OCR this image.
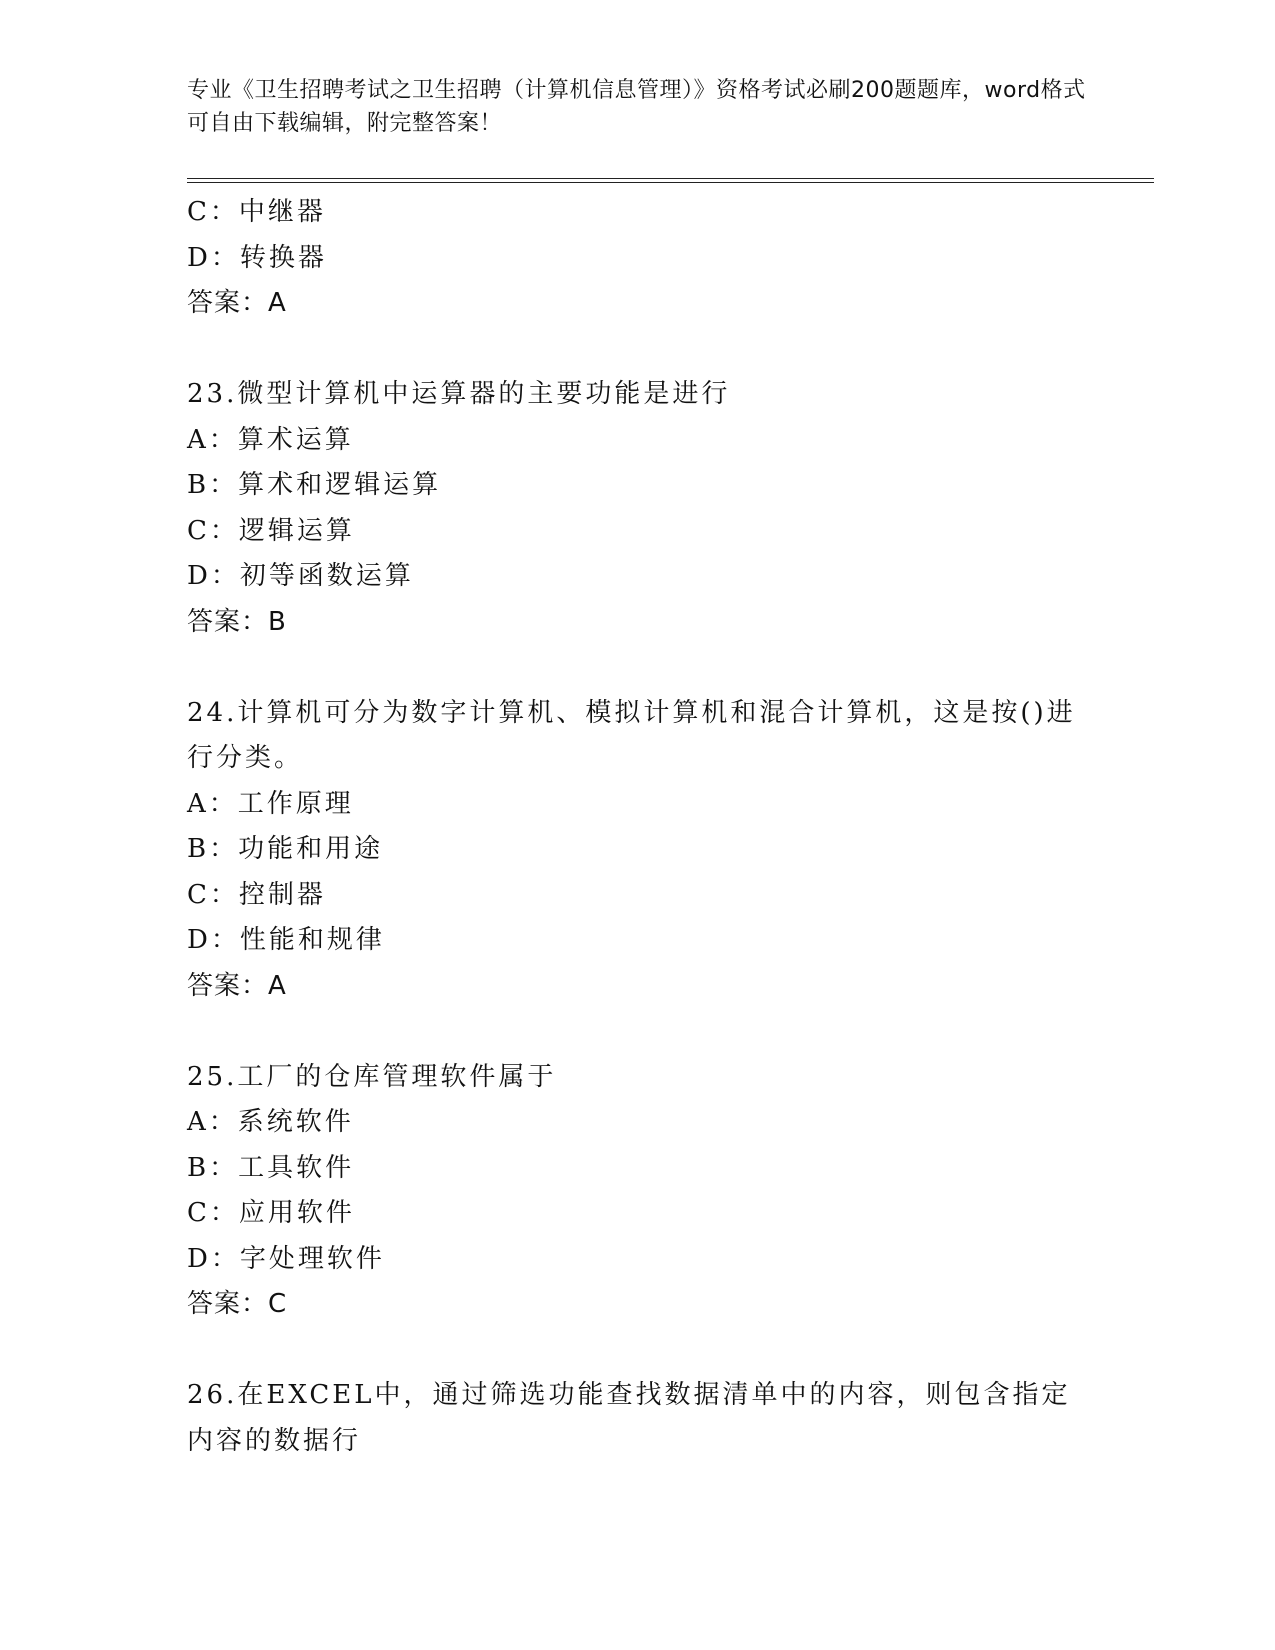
专业《卫生招聘考试之卫生招聘（计算机信息管理）》资格考试必刷200题题库，word格式可自由下载编辑，附完整答案！
C：中继器
D：转换器
答案：A
23.微型计算机中运算器的主要功能是进行
A：算术运算
B：算术和逻辑运算
C：逻辑运算
D：初等函数运算
答案：B
24.计算机可分为数字计算机、模拟计算机和混合计算机，这是按()进行分类。
A：工作原理
B：功能和用途
C：控制器
D：性能和规律
答案：A
25.工厂的仓库管理软件属于
A：系统软件
B：工具软件
C：应用软件
D：字处理软件
答案：C
26.在EXCEL中，通过筛选功能查找数据清单中的内容，则包含指定内容的数据行
